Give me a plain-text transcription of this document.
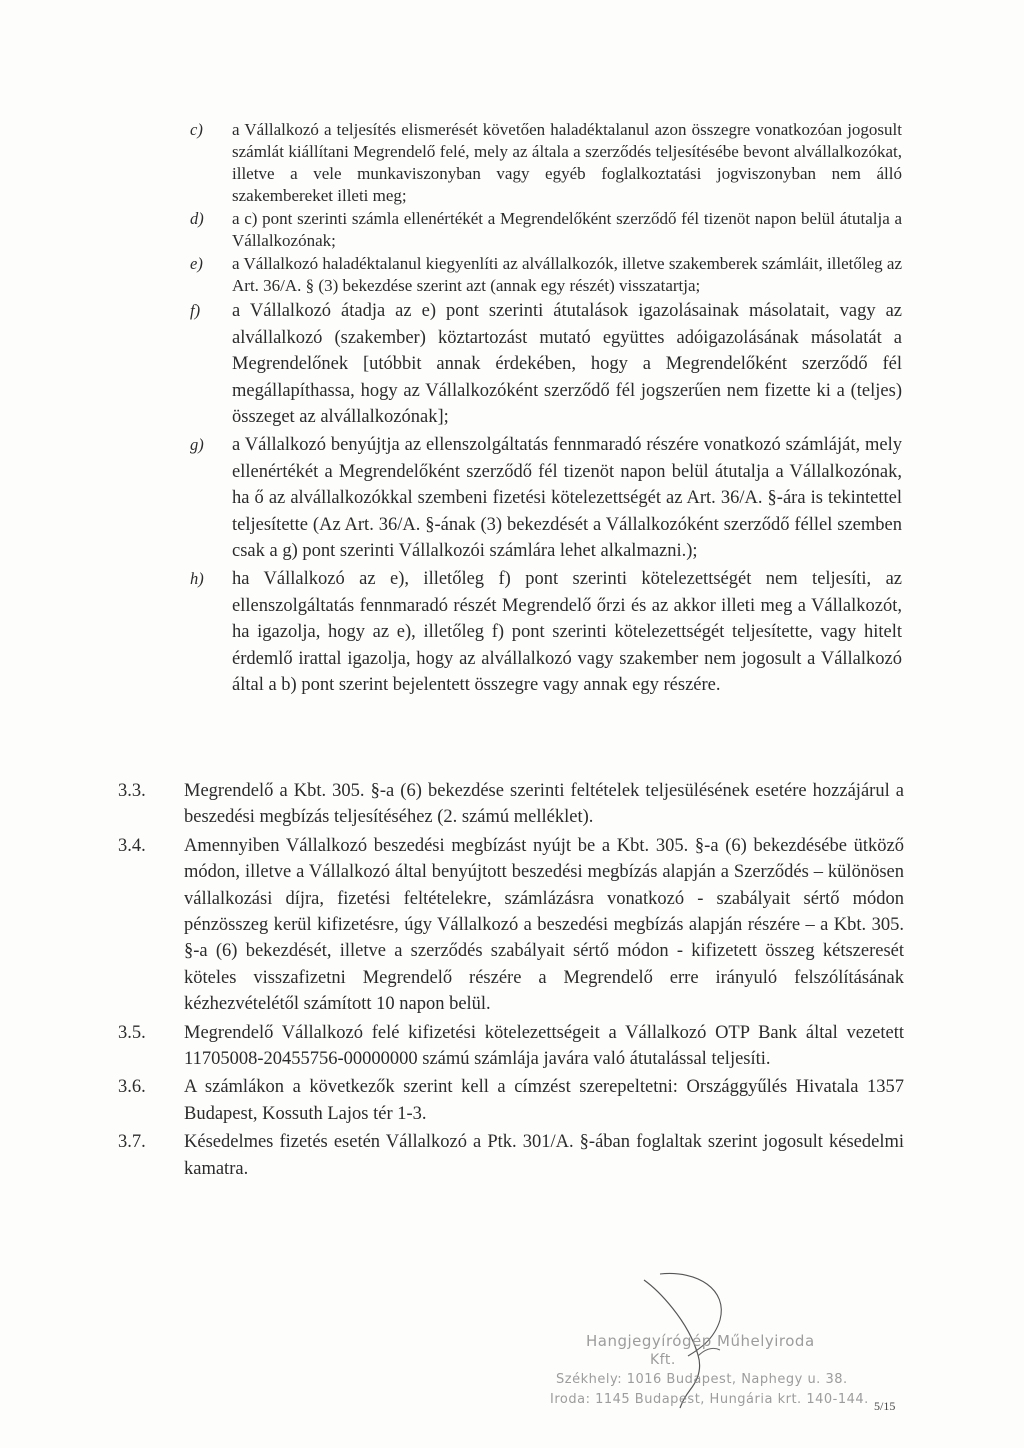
c) a Vállalkozó a teljesítés elismerését követően haladéktalanul azon összegre vonatkozóan jogosult számlát kiállítani Megrendelő felé, mely az általa a szerződés teljesítésébe bevont alvállalkozókat, illetve a vele munkaviszonyban vagy egyéb foglalkoztatási jogviszonyban nem álló szakembereket illeti meg;
d) a c) pont szerinti számla ellenértékét a Megrendelőként szerződő fél tizenöt napon belül átutalja a Vállalkozónak;
e) a Vállalkozó haladéktalanul kiegyenlíti az alvállalkozók, illetve szakemberek számláit, illetőleg az Art. 36/A. § (3) bekezdése szerint azt (annak egy részét) visszatartja;
f) a Vállalkozó átadja az e) pont szerinti átutalások igazolásainak másolatait, vagy az alvállalkozó (szakember) köztartozást mutató együttes adóigazolásának másolatát a Megrendelőnek [utóbbit annak érdekében, hogy a Megrendelőként szerződő fél megállapíthassa, hogy az Vállalkozóként szerződő fél jogszerűen nem fizette ki a (teljes) összeget az alvállalkozónak];
g) a Vállalkozó benyújtja az ellenszolgáltatás fennmaradó részére vonatkozó számláját, mely ellenértékét a Megrendelőként szerződő fél tizenöt napon belül átutalja a Vállalkozónak, ha ő az alvállalkozókkal szembeni fizetési kötelezettségét az Art. 36/A. §-ára is tekintettel teljesítette (Az Art. 36/A. §-ának (3) bekezdését a Vállalkozóként szerződő féllel szemben csak a g) pont szerinti Vállalkozói számlára lehet alkalmazni.);
h) ha Vállalkozó az e), illetőleg f) pont szerinti kötelezettségét nem teljesíti, az ellenszolgáltatás fennmaradó részét Megrendelő őrzi és az akkor illeti meg a Vállalkozót, ha igazolja, hogy az e), illetőleg f) pont szerinti kötelezettségét teljesítette, vagy hitelt érdemlő irattal igazolja, hogy az alvállalkozó vagy szakember nem jogosult a Vállalkozó által a b) pont szerint bejelentett összegre vagy annak egy részére.
3.3. Megrendelő a Kbt. 305. §-a (6) bekezdése szerinti feltételek teljesülésének esetére hozzájárul a beszedési megbízás teljesítéséhez (2. számú melléklet).
3.4. Amennyiben Vállalkozó beszedési megbízást nyújt be a Kbt. 305. §-a (6) bekezdésébe ütköző módon, illetve a Vállalkozó által benyújtott beszedési megbízás alapján a Szerződés – különösen vállalkozási díjra, fizetési feltételekre, számlázásra vonatkozó - szabályait sértő módon pénzösszeg kerül kifizetésre, úgy Vállalkozó a beszedési megbízás alapján részére – a Kbt. 305. §-a (6) bekezdését, illetve a szerződés szabályait sértő módon - kifizetett összeg kétszeresét köteles visszafizetni Megrendelő részére a Megrendelő erre irányuló felszólításának kézhezvételétől számított 10 napon belül.
3.5. Megrendelő Vállalkozó felé kifizetési kötelezettségeit a Vállalkozó OTP Bank által vezetett 11705008-20455756-00000000 számú számlája javára való átutalással teljesíti.
3.6. A számlákon a következők szerint kell a címzést szerepeltetni: Országgyűlés Hivatala 1357 Budapest, Kossuth Lajos tér 1-3.
3.7. Késedelmes fizetés esetén Vállalkozó a Ptk. 301/A. §-ában foglaltak szerint jogosult késedelmi kamatra.
Hangjegyírógép Műhelyiroda
Kft.
Székhely: 1016 Budapest, Naphegy u. 38.
Iroda: 1145 Budapest, Hungária krt. 140-144. 5/15
